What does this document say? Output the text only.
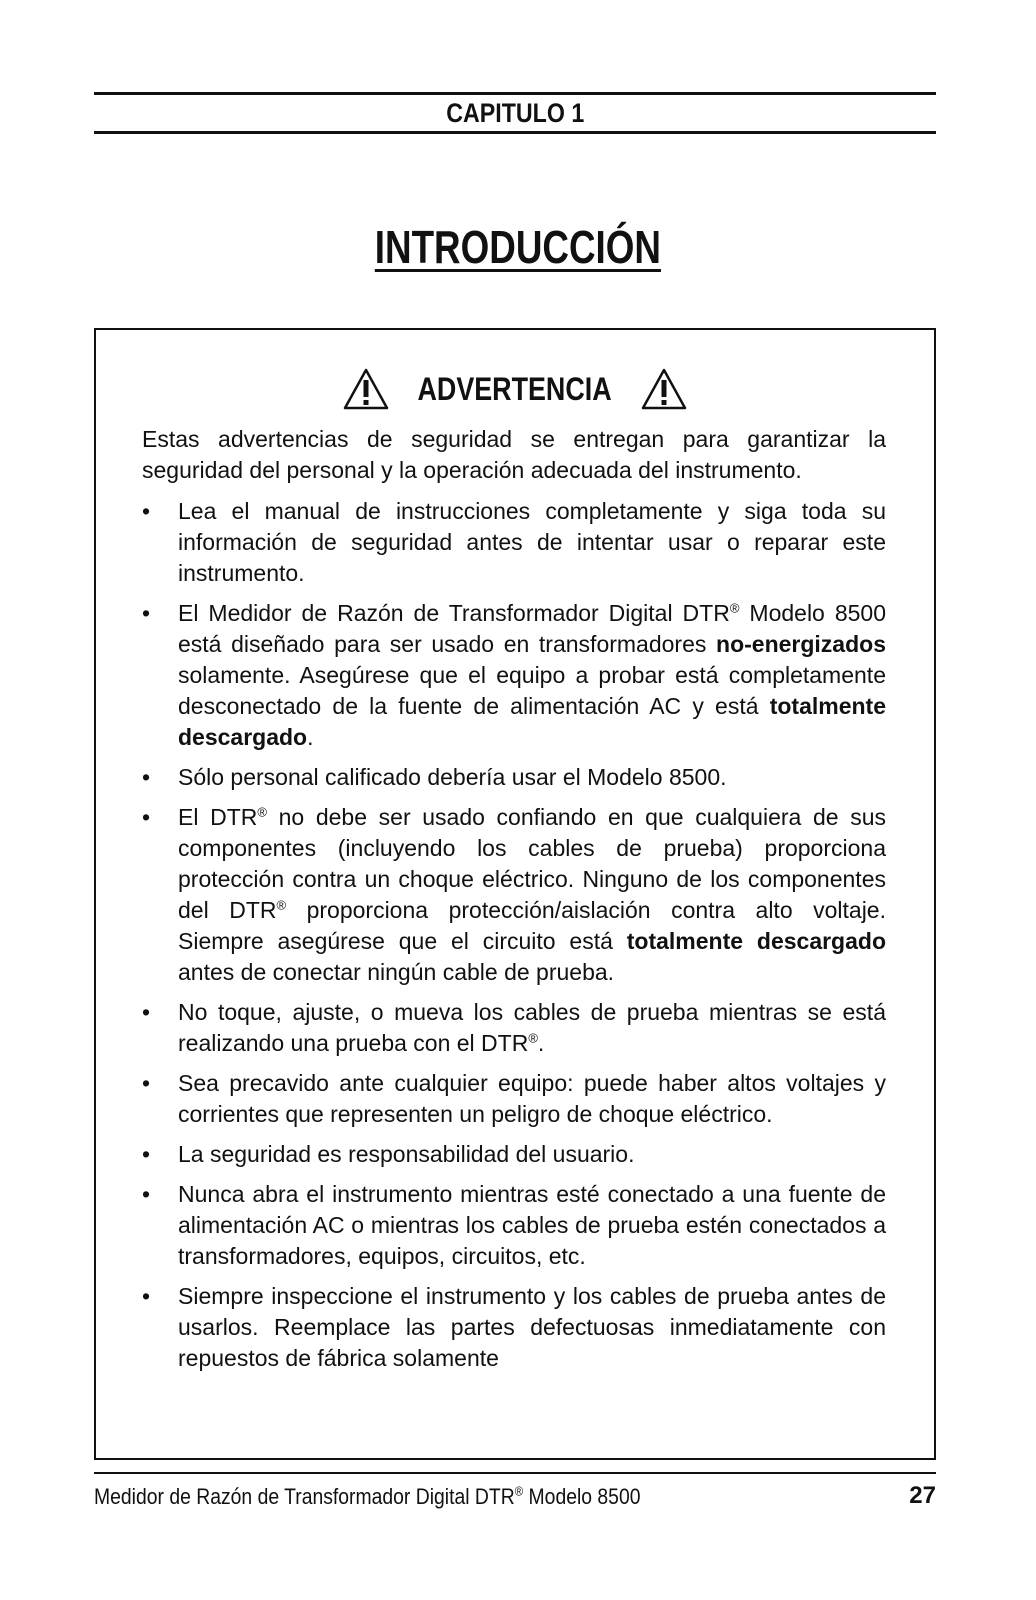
CAPITULO 1
INTRODUCCIÓN
ADVERTENCIA

Estas advertencias de seguridad se entregan para garantizar la seguridad del personal y la operación adecuada del instrumento.

• Lea el manual de instrucciones completamente y siga toda su información de seguridad antes de intentar usar o reparar este instrumento.
• El Medidor de Razón de Transformador Digital DTR® Modelo 8500 está diseñado para ser usado en transformadores no-energizados solamente. Asegúrese que el equipo a probar está completamente desconectado de la fuente de alimentación AC y está totalmente descargado.
• Sólo personal calificado debería usar el Modelo 8500.
• El DTR® no debe ser usado confiando en que cualquiera de sus componentes (incluyendo los cables de prueba) proporciona protección contra un choque eléctrico. Ninguno de los componentes del DTR® proporciona protección/aislación contra alto voltaje. Siempre asegúrese que el circuito está totalmente descargado antes de conectar ningún cable de prueba.
• No toque, ajuste, o mueva los cables de prueba mientras se está realizando una prueba con el DTR®.
• Sea precavido ante cualquier equipo: puede haber altos voltajes y corrientes que representen un peligro de choque eléctrico.
• La seguridad es responsabilidad del usuario.
• Nunca abra el instrumento mientras esté conectado a una fuente de alimentación AC o mientras los cables de prueba estén conectados a transformadores, equipos, circuitos, etc.
• Siempre inspeccione el instrumento y los cables de prueba antes de usarlos. Reemplace las partes defectuosas inmediatamente con repuestos de fábrica solamente
Medidor de Razón de Transformador Digital DTR® Modelo 8500	27
